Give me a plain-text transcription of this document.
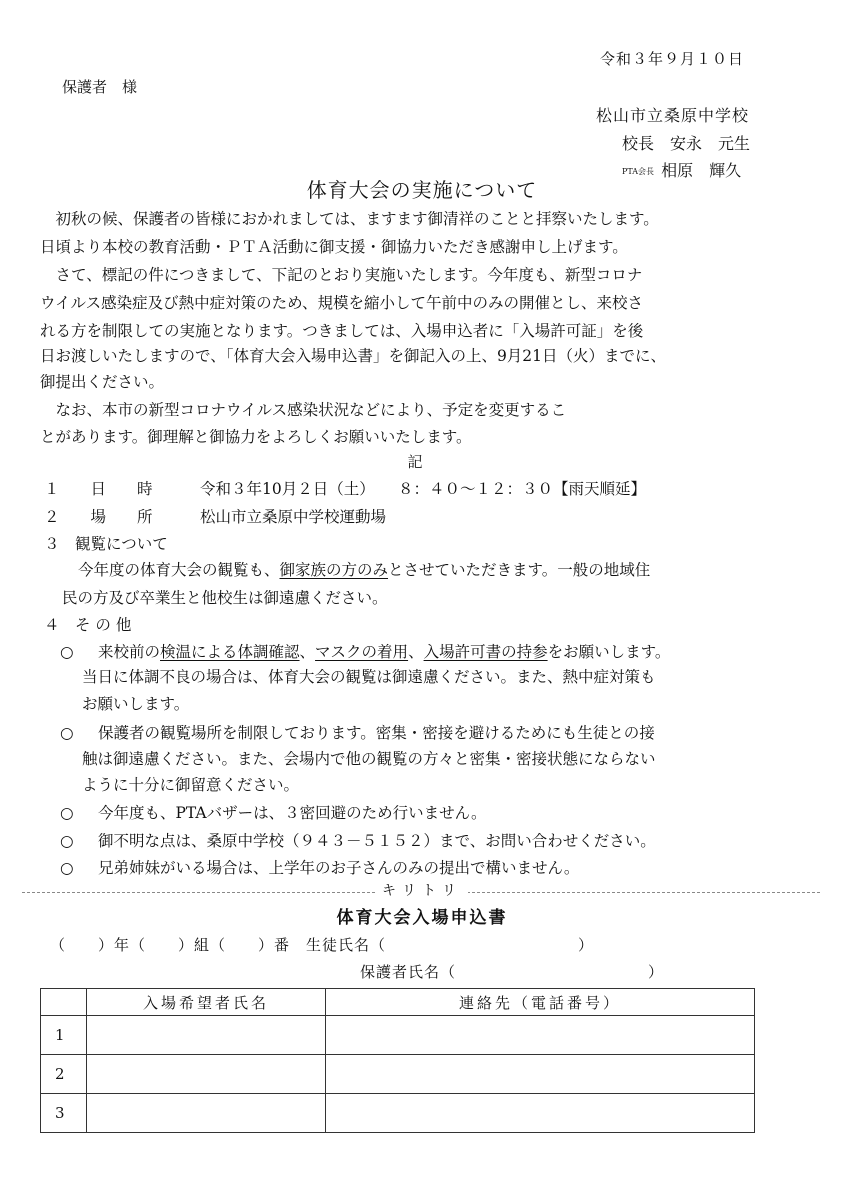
令和３年９月１０日
保護者　様
松山市立桑原中学校
校長　安永　元生
PTA会長 相原　輝久
体育大会の実施について
　初秋の候、保護者の皆様におかれましては、ますます御清祥のことと拝察いたします。
日頃より本校の教育活動・ＰＴＡ活動に御支援・御協力いただき感謝申し上げます。
　さて、標記の件につきまして、下記のとおり実施いたします。今年度も、新型コロナ
ウイルス感染症及び熱中症対策のため、規模を縮小して午前中のみの開催とし、来校さ
れる方を制限しての実施となります。つきましては、入場申込者に「入場許可証」を後
日お渡しいたしますので、「体育大会入場申込書」を御記入の上、9月21日（火）までに、
御提出ください。
　なお、本市の新型コロナウイルス感染状況などにより、予定を変更するこ
とがあります。御理解と御協力をよろしくお願いいたします。
記
１　　日　　時	令和３年10月２日（土）　　８：４０～１２：３０【雨天順延】
２　　場　　所	松山市立桑原中学校運動場
３　観覧について
今年度の体育大会の観覧も、御家族の方のみとさせていただきます。一般の地域住
民の方及び卒業生と他校生は御遠慮ください。
４　そ の 他
○ 来校前の検温による体調確認、マスクの着用、入場許可書の持参をお願いします。
当日に体調不良の場合は、体育大会の観覧は御遠慮ください。また、熱中症対策も
お願いします。
○ 保護者の観覧場所を制限しております。密集・密接を避けるためにも生徒との接
触は御遠慮ください。また、会場内で他の観覧の方々と密集・密接状態にならない
ように十分に御留意ください。
○ 今年度も、PTAバザーは、３密回避のため行いません。
○ 御不明な点は、桑原中学校（９４３－５１５２）まで、お問い合わせください。
○ 兄弟姉妹がいる場合は、上学年のお子さんのみの提出で構いません。
キリトリ
体育大会入場申込書
（　　）年（　　）組（　　）番　生徒氏名（　　　　　　　　　　　　）
保護者氏名（　　　　　　　　　　　　）
	入場希望者氏名	連絡先（電話番号）
1		
2		
3		
